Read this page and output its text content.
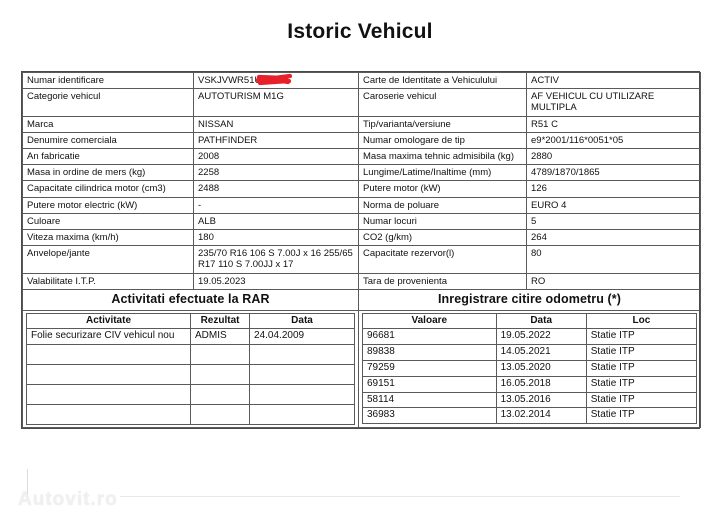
Istoric Vehicul
Numar identificare	VSKJVWR51U033	Carte de Identitate a Vehiculului	ACTIV
Categorie vehicul	AUTOTURISM M1G	Caroserie vehicul	AF VEHICUL CU UTILIZARE MULTIPLA
Marca	NISSAN	Tip/varianta/versiune	R51 C
Denumire comerciala	PATHFINDER	Numar omologare de tip	e9*2001/116*0051*05
An fabricatie	2008	Masa maxima tehnic admisibila (kg)	2880
Masa in ordine de mers (kg)	2258	Lungime/Latime/Inaltime (mm)	4789/1870/1865
Capacitate cilindrica motor (cm3)	2488	Putere motor (kW)	126
Putere motor electric (kW)	-	Norma de poluare	EURO 4
Culoare	ALB	Numar locuri	5
Viteza maxima (km/h)	180	CO2 (g/km)	264
Anvelope/jante	235/70 R16 106 S 7.00J x 16 255/65 R17 110 S 7.00JJ x 17	Capacitate rezervor(l)	80
Valabilitate I.T.P.	19.05.2023	Tara de provenienta	RO
Activitati efectuate la RAR	Inregistrare citire odometru (*)

Activitate	Rezultat	Data
Folie securizare CIV vehicul nou	ADMIS	24.04.2009

Valoare	Data	Loc
96681	19.05.2022	Statie ITP
89838	14.05.2021	Statie ITP
79259	13.05.2020	Statie ITP
69151	16.05.2018	Statie ITP
58114	13.05.2016	Statie ITP
36983	13.02.2014	Statie ITP
Autovit.ro
